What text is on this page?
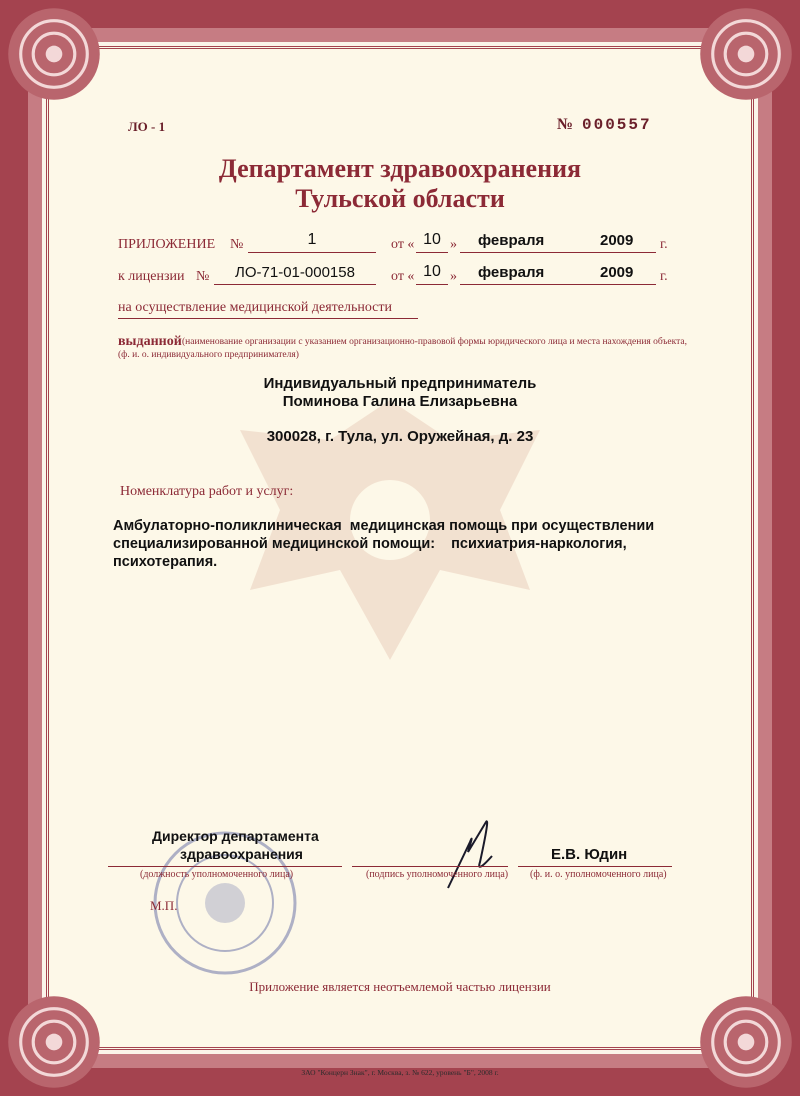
ЛО - 1	№ 000557
Департамент здравоохранения
Тульской области
ПРИЛОЖЕНИЕ №	1	от « 10 » февраля	2009 г.
к лицензии №	ЛО-71-01-000158	от « 10 » февраля	2009 г.
на осуществление медицинской деятельности
выданной (наименование организации с указанием организационно-правовой формы юридического лица и места нахождения объекта,
(ф. и. о. индивидуального предпринимателя)
Индивидуальный предприниматель
Поминова Галина Елизарьевна
300028, г. Тула, ул. Оружейная, д. 23
Номенклатура работ и услуг:
Амбулаторно-поликлиническая  медицинская помощь при осуществлении
специализированной медицинской помощи:    психиатрия-наркология,
психотерапия.
Директор департамента
здравоохранения
(должность уполномоченного лица)	(подпись уполномоченного лица)
Е.В. Юдин
(ф. и. о. уполномоченного лица)
М.П.
Приложение является неотъемлемой частью лицензии
ЗАО "Концерн Знак", г. Москва, з. № 622, уровень "Б", 2008 г.
